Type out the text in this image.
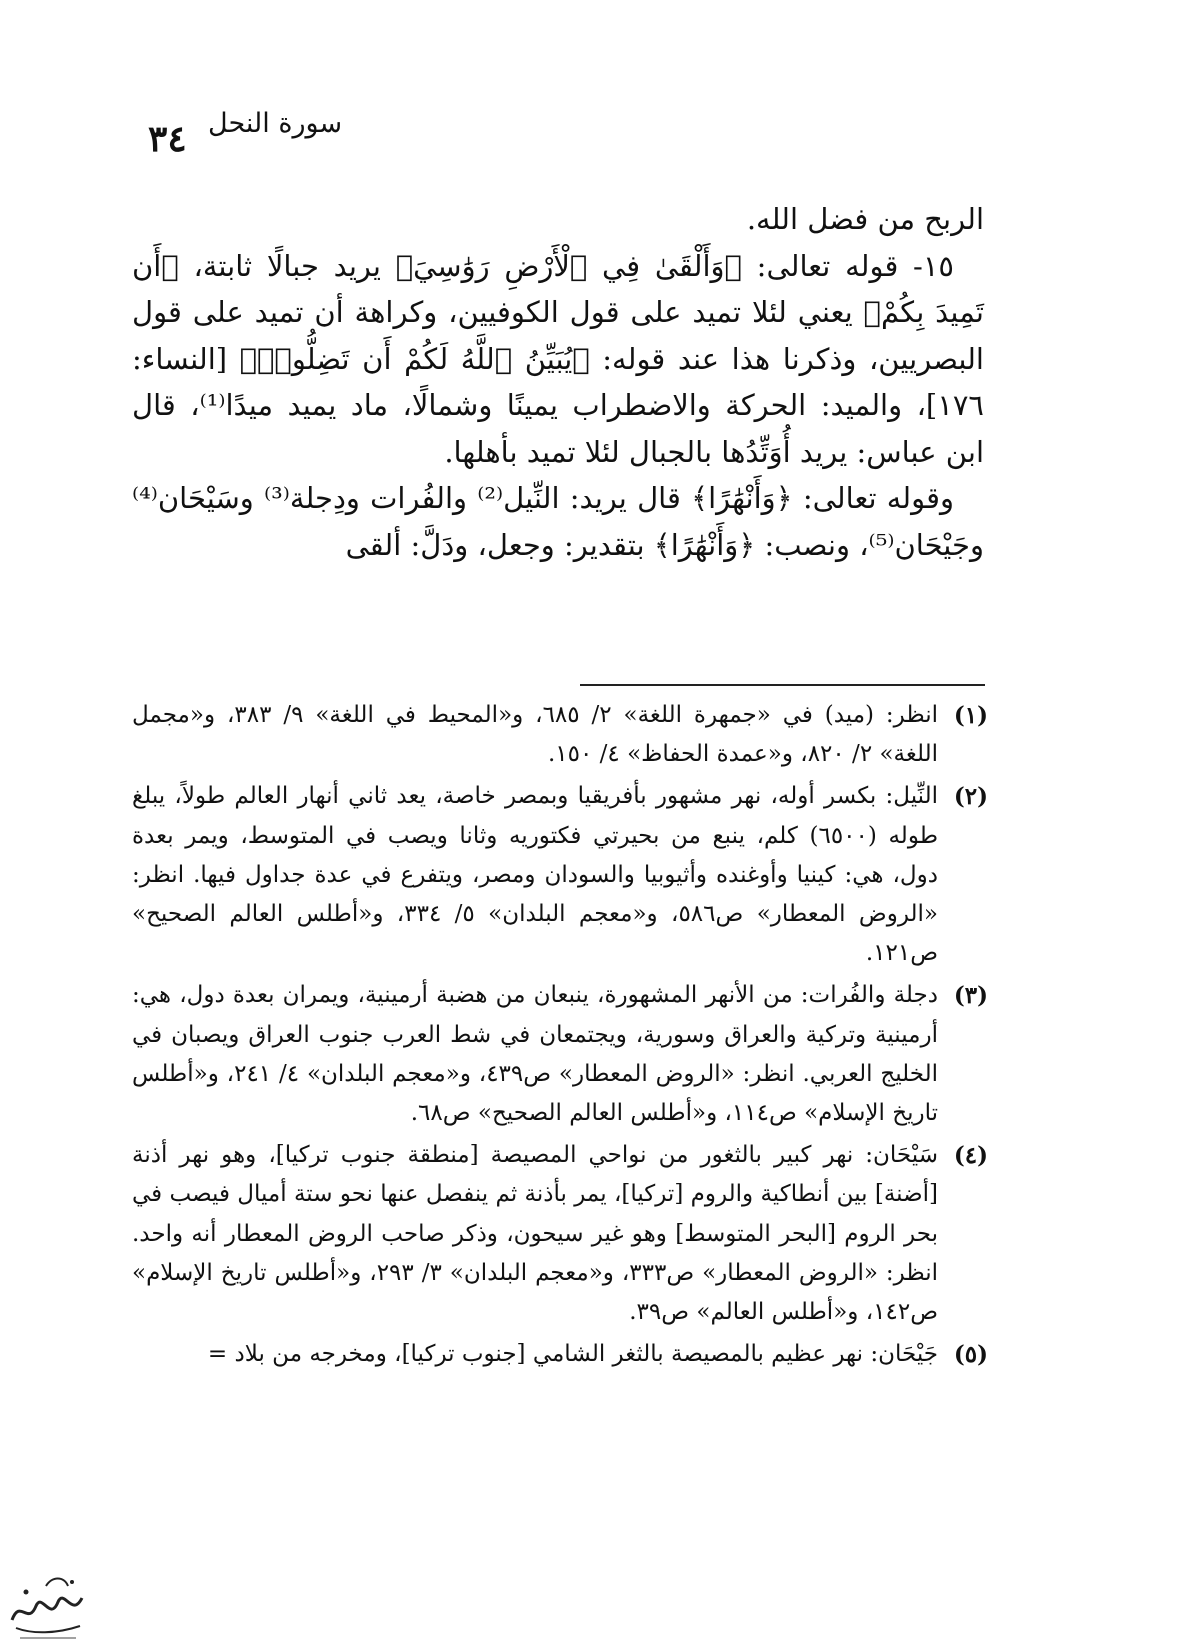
٣٤ سورة النحل

الربح من فضل الله.

١٥- قوله تعالى: ﴿وَأَلْقَىٰ فِي ٱلْأَرْضِ رَوَٰسِيَ﴾ يريد جبالًا ثابتة، ﴿أَن تَمِيدَ بِكُمْ﴾ يعني لئلا تميد على قول الكوفيين، وكراهة أن تميد على قول البصريين، وذكرنا هذا عند قوله: ﴿يُبَيِّنُ ٱللَّهُ لَكُمْ أَن تَضِلُّوا۟﴾ [النساء: ١٧٦]، والميد: الحركة والاضطراب يمينًا وشمالًا، ماد يميد ميدًا⁽¹⁾، قال ابن عباس: يريد أُوَتِّدُها بالجبال لئلا تميد بأهلها.

وقوله تعالى: ﴿وَأَنْهَٰرًا﴾ قال يريد: النِّيل⁽²⁾ والفُرات ودِجلة⁽³⁾ وسَيْحَان⁽⁴⁾وجَيْحَان⁽⁵⁾، ونصب: ﴿وَأَنْهَٰرًا﴾ بتقدير: وجعل، ودَلَّ: ألقى

(١)
انظر: (ميد) في «جمهرة اللغة» ٢/ ٦٨٥، و«المحيط في اللغة» ٩/ ٣٨٣، و«مجمل اللغة» ٢/ ٨٢٠، و«عمدة الحفاظ» ٤/ ١٥٠.
(٢)
النِّيل: بكسر أوله، نهر مشهور بأفريقيا وبمصر خاصة، يعد ثاني أنهار العالم طولاً، يبلغ طوله (٦٥٠٠) كلم، ينبع من بحيرتي فكتوريه وثانا ويصب في المتوسط، ويمر بعدة دول، هي: كينيا وأوغنده وأثيوبيا والسودان ومصر، ويتفرع في عدة جداول فيها. انظر: «الروض المعطار» ص٥٨٦، و«معجم البلدان» ٥/ ٣٣٤، و«أطلس العالم الصحيح» ص١٢١.
(٣)
دجلة والفُرات: من الأنهر المشهورة، ينبعان من هضبة أرمينية، ويمران بعدة دول، هي: أرمينية وتركية والعراق وسورية، ويجتمعان في شط العرب جنوب العراق ويصبان في الخليج العربي. انظر: «الروض المعطار» ص٤٣٩، و«معجم البلدان» ٤/ ٢٤١، و«أطلس تاريخ الإسلام» ص١١٤، و«أطلس العالم الصحيح» ص٦٨.
(٤)
سَيْحَان: نهر كبير بالثغور من نواحي المصيصة [منطقة جنوب تركيا]، وهو نهر أذنة [أضنة] بين أنطاكية والروم [تركيا]، يمر بأذنة ثم ينفصل عنها نحو ستة أميال فيصب في بحر الروم [البحر المتوسط] وهو غير سيحون، وذكر صاحب الروض المعطار أنه واحد. انظر: «الروض المعطار» ص٣٣٣، و«معجم البلدان» ٣/ ٢٩٣، و«أطلس تاريخ الإسلام» ص١٤٢، و«أطلس العالم» ص٣٩.
(٥)
جَيْحَان: نهر عظيم بالمصيصة بالثغر الشامي [جنوب تركيا]، ومخرجه من بلاد =
